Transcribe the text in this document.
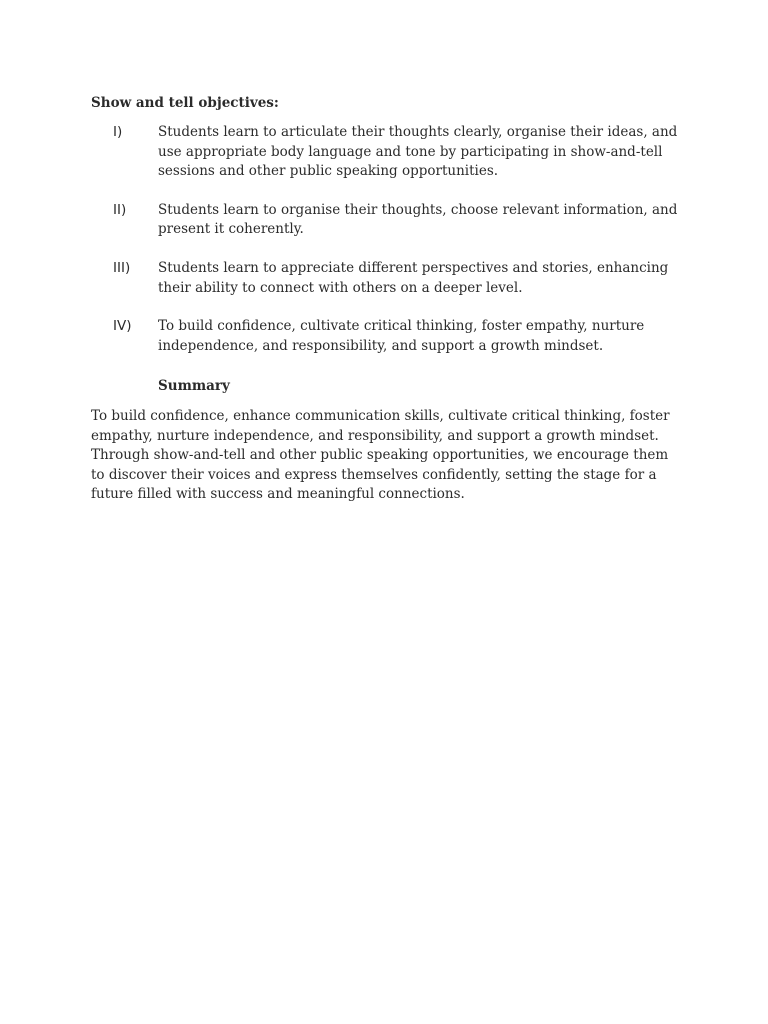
Show and tell objectives:

I)	Students learn to articulate their thoughts clearly, organise their ideas, and use appropriate body language and tone by participating in show-and-tell sessions and other public speaking opportunities.

II) Students learn to organise their thoughts, choose relevant information, and present it coherently.

III) Students learn to appreciate different perspectives and stories, enhancing their ability to connect with others on a deeper level.

IV) To build confidence, cultivate critical thinking, foster empathy, nurture independence, and responsibility, and support a growth mindset.

Summary

To build confidence, enhance communication skills, cultivate critical thinking, foster empathy, nurture independence, and responsibility, and support a growth mindset. Through show-and-tell and other public speaking opportunities, we encourage them to discover their voices and express themselves confidently, setting the stage for a future filled with success and meaningful connections.
